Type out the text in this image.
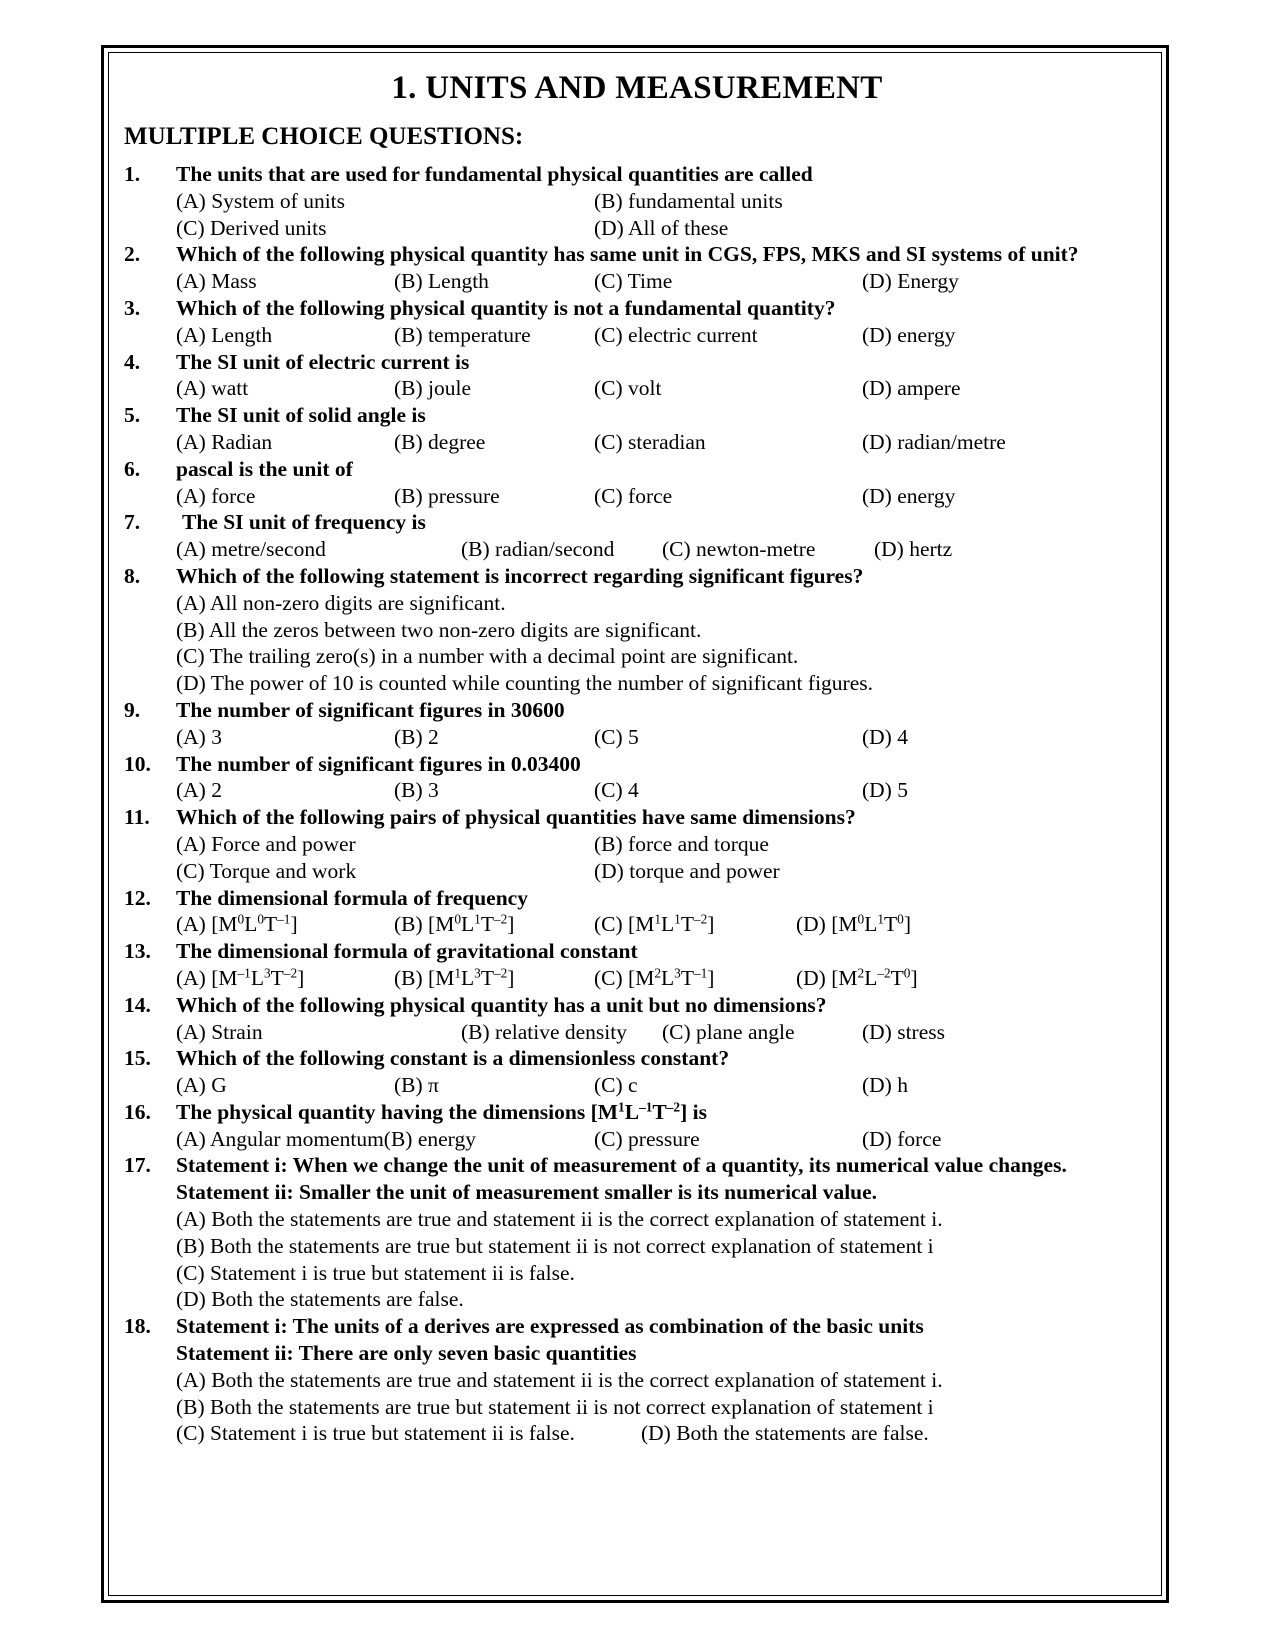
1. UNITS AND MEASUREMENT
MULTIPLE CHOICE QUESTIONS:
1.	The units that are used for fundamental physical quantities are called
(A) System of units	(B) fundamental units
(C) Derived units	(D) All of these
2.	Which of the following physical quantity has same unit in CGS, FPS, MKS and SI systems of unit?
(A) Mass	(B) Length	(C) Time	(D) Energy
3.	Which of the following physical quantity is not a fundamental quantity?
(A) Length	(B) temperature	(C) electric current	(D) energy
4.	The SI unit of electric current is
(A) watt	(B) joule	(C) volt	(D) ampere
5.	The SI unit of solid angle is
(A) Radian	(B) degree	(C) steradian	(D) radian/metre
6.	pascal is the unit of
(A) force	(B) pressure	(C) force	(D) energy
7.	The SI unit of frequency is
(A) metre/second	(B) radian/second (C) newton-metre	(D) hertz
8.	Which of the following statement is incorrect regarding significant figures?
(A) All non-zero digits are significant.
(B) All the zeros between two non-zero digits are significant.
(C) The trailing zero(s) in a number with a decimal point are significant.
(D) The power of 10 is counted while counting the number of significant figures.
9.	The number of significant figures in 30600
(A) 3	(B) 2	(C) 5	(D) 4
10.	The number of significant figures in 0.03400
(A) 2	(B) 3	(C) 4	(D) 5
11.	Which of the following pairs of physical quantities have same dimensions?
(A) Force and power	(B) force and torque
(C) Torque and work	(D) torque and power
12.	The dimensional formula of frequency
(A) $[M^0L^0T^{-1}]$	(B) $[M^0L^1T^{-2}]$	(C) $[M^1L^1T^{-2}]$	(D) $[M^0L^1T^0]$
13.	The dimensional formula of gravitational constant
(A) $[M^{-1}L^3T^{-2}]$	(B) $[M^1L^3T^{-2}]$	(C) $[M^2L^3T^{-1}]$	(D) $[M^2L^{-2}T^0]$
14.	Which of the following physical quantity has a unit but no dimensions?
(A) Strain	(B) relative density (C) plane angle	(D) stress
15.	Which of the following constant is a dimensionless constant?
(A) G	(B) π	(C) c	(D) h
16.	The physical quantity having the dimensions $[M^1L^{-1}T^{-2}]$ is
(A) Angular momentum(B) energy	(C) pressure	(D) force
17.	Statement i: When we change the unit of measurement of a quantity, its numerical value changes.
Statement ii: Smaller the unit of measurement smaller is its numerical value.
(A) Both the statements are true and statement ii is the correct explanation of statement i.
(B) Both the statements are true but statement ii is not correct explanation of statement i
(C) Statement i is true but statement ii is false.
(D) Both the statements are false.
18.	Statement i: The units of a derives are expressed as combination of the basic units
Statement ii: There are only seven basic quantities
(A) Both the statements are true and statement ii is the correct explanation of statement i.
(B) Both the statements are true but statement ii is not correct explanation of statement i
(C) Statement i is true but statement ii is false.	(D) Both the statements are false.
